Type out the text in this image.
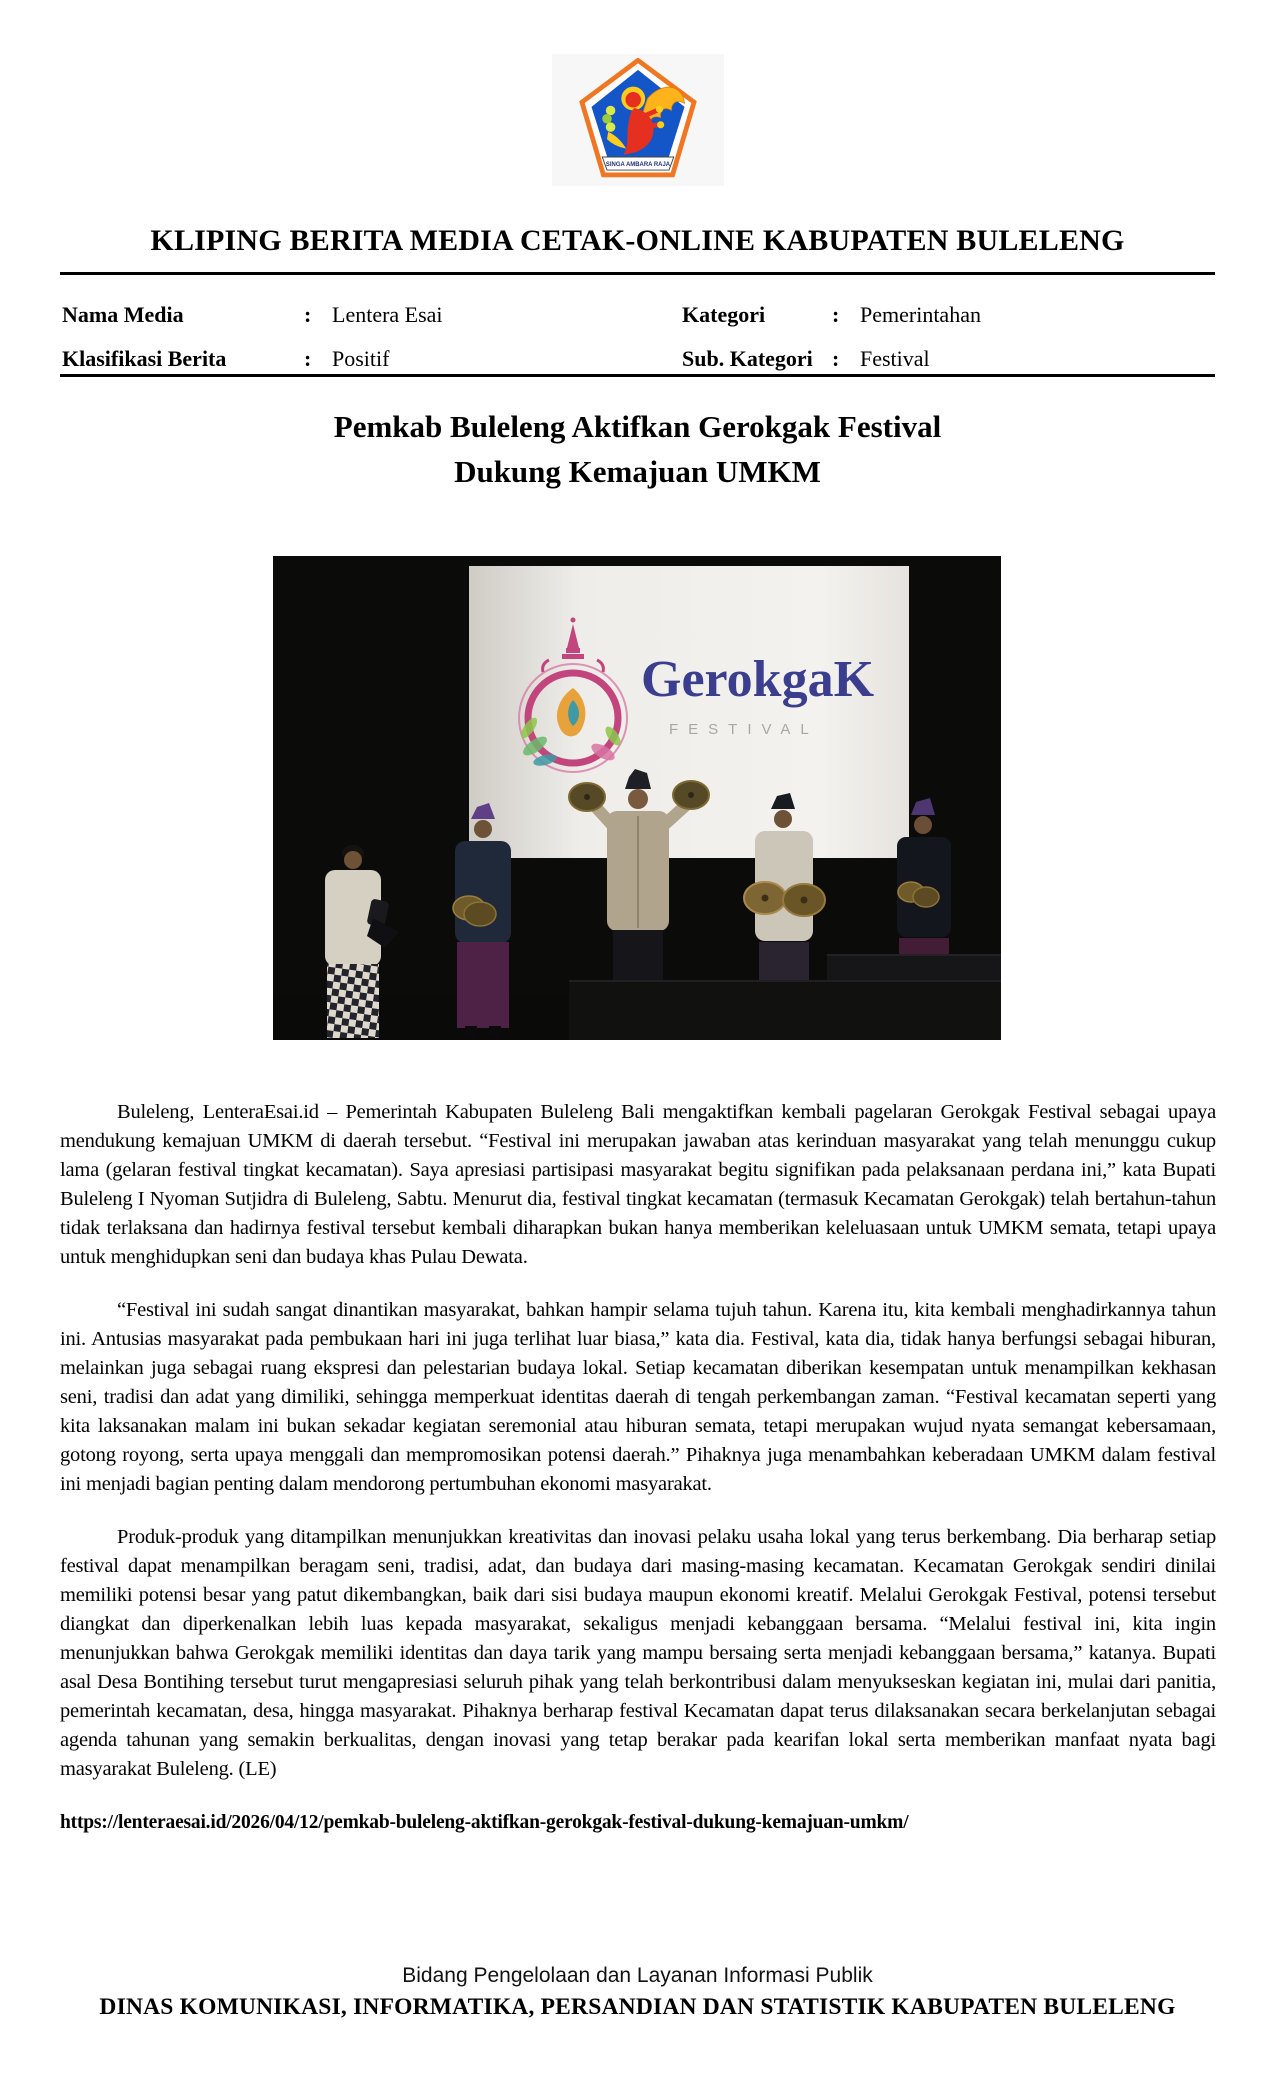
SINGA AMBARA RAJA
KLIPING BERITA MEDIA CETAK-ONLINE KABUPATEN BULELENG
Nama Media	: Lentera Esai	Kategori	: Pemerintahan
Klasifikasi Berita	: Positif	Sub. Kategori : Festival
Pemkab Buleleng Aktifkan Gerokgak Festival
Dukung Kemajuan UMKM
GerokgaK
FESTIVAL

Buleleng, LenteraEsai.id – Pemerintah Kabupaten Buleleng Bali mengaktifkan kembali pagelaran Gerokgak Festival sebagai upaya mendukung kemajuan UMKM di daerah tersebut. “Festival ini merupakan jawaban atas kerinduan masyarakat yang telah menunggu cukup lama (gelaran festival tingkat kecamatan). Saya apresiasi partisipasi masyarakat begitu signifikan pada pelaksanaan perdana ini,” kata Bupati Buleleng I Nyoman Sutjidra di Buleleng, Sabtu. Menurut dia, festival tingkat kecamatan (termasuk Kecamatan Gerokgak) telah bertahun-tahun tidak terlaksana dan hadirnya festival tersebut kembali diharapkan bukan hanya memberikan keleluasaan untuk UMKM semata, tetapi upaya untuk menghidupkan seni dan budaya khas Pulau Dewata.

“Festival ini sudah sangat dinantikan masyarakat, bahkan hampir selama tujuh tahun. Karena itu, kita kembali menghadirkannya tahun ini. Antusias masyarakat pada pembukaan hari ini juga terlihat luar biasa,” kata dia. Festival, kata dia, tidak hanya berfungsi sebagai hiburan, melainkan juga sebagai ruang ekspresi dan pelestarian budaya lokal. Setiap kecamatan diberikan kesempatan untuk menampilkan kekhasan seni, tradisi dan adat yang dimiliki, sehingga memperkuat identitas daerah di tengah perkembangan zaman. “Festival kecamatan seperti yang kita laksanakan malam ini bukan sekadar kegiatan seremonial atau hiburan semata, tetapi merupakan wujud nyata semangat kebersamaan, gotong royong, serta upaya menggali dan mempromosikan potensi daerah.” Pihaknya juga menambahkan keberadaan UMKM dalam festival ini menjadi bagian penting dalam mendorong pertumbuhan ekonomi masyarakat.

Produk-produk yang ditampilkan menunjukkan kreativitas dan inovasi pelaku usaha lokal yang terus berkembang. Dia berharap setiap festival dapat menampilkan beragam seni, tradisi, adat, dan budaya dari masing-masing kecamatan. Kecamatan Gerokgak sendiri dinilai memiliki potensi besar yang patut dikembangkan, baik dari sisi budaya maupun ekonomi kreatif. Melalui Gerokgak Festival, potensi tersebut diangkat dan diperkenalkan lebih luas kepada masyarakat, sekaligus menjadi kebanggaan bersama. “Melalui festival ini, kita ingin menunjukkan bahwa Gerokgak memiliki identitas dan daya tarik yang mampu bersaing serta menjadi kebanggaan bersama,” katanya. Bupati asal Desa Bontihing tersebut turut mengapresiasi seluruh pihak yang telah berkontribusi dalam menyukseskan kegiatan ini, mulai dari panitia, pemerintah kecamatan, desa, hingga masyarakat. Pihaknya berharap festival Kecamatan dapat terus dilaksanakan secara berkelanjutan sebagai agenda tahunan yang semakin berkualitas, dengan inovasi yang tetap berakar pada kearifan lokal serta memberikan manfaat nyata bagi masyarakat Buleleng. (LE)

https://lenteraesai.id/2026/04/12/pemkab-buleleng-aktifkan-gerokgak-festival-dukung-kemajuan-umkm/
Bidang Pengelolaan dan Layanan Informasi Publik
DINAS KOMUNIKASI, INFORMATIKA, PERSANDIAN DAN STATISTIK KABUPATEN BULELENG
